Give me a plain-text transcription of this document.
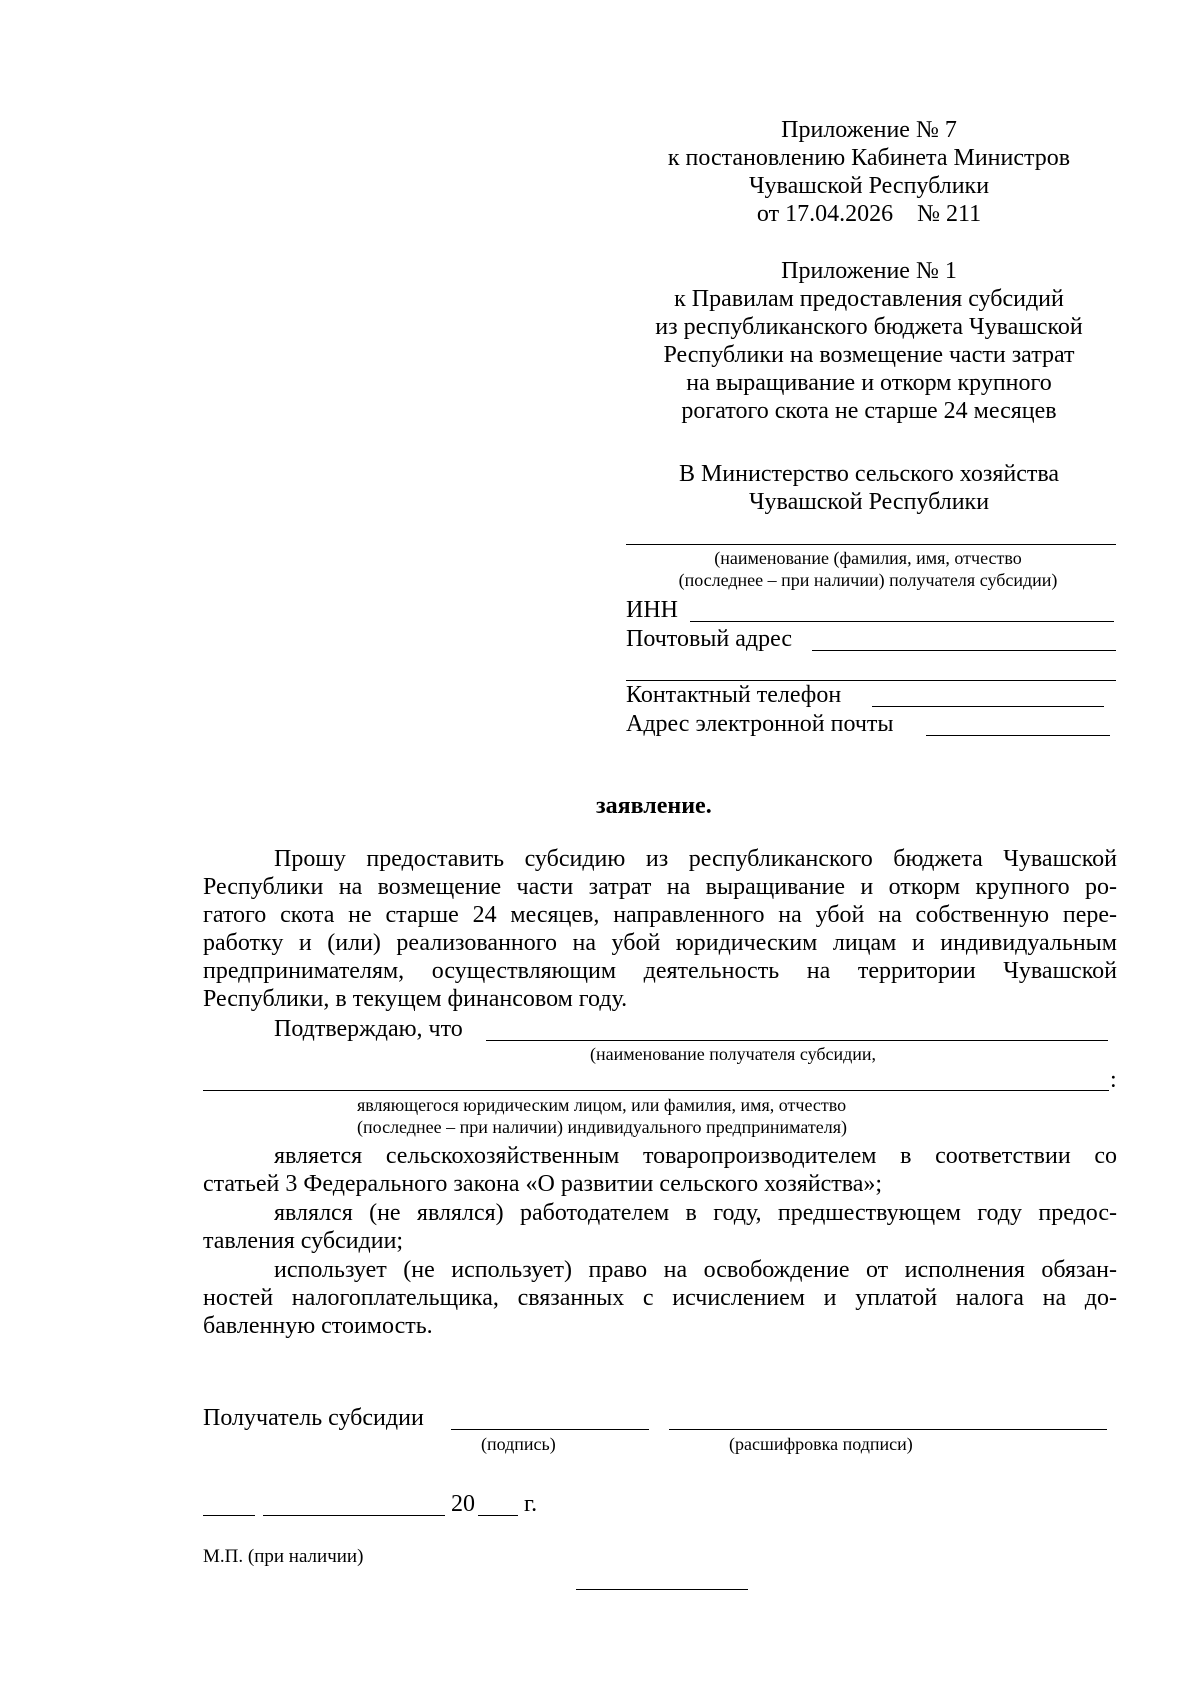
Приложение № 7
к постановлению Кабинета Министров
Чувашской Республики
от 17.04.2026    № 211
Приложение № 1
к Правилам предоставления субсидий
из республиканского бюджета Чувашской
Республики на возмещение части затрат
на выращивание и откорм крупного
рогатого скота не старше 24 месяцев
В Министерство сельского хозяйства
Чувашской Республики
(наименование (фамилия, имя, отчество
(последнее – при наличии) получателя субсидии)
ИНН
Почтовый адрес
Контактный телефон
Адрес электронной почты
заявление.
Прошу предоставить субсидию из республиканского бюджета Чувашской
Республики на возмещение части затрат на выращивание и откорм крупного ро-
гатого скота не старше 24 месяцев, направленного на убой на собственную пере-
работку и (или) реализованного на убой юридическим лицам и индивидуальным
предпринимателям, осуществляющим деятельность на территории Чувашской
Республики, в текущем финансовом году.
Подтверждаю, что
(наименование получателя субсидии,
:
являющегося юридическим лицом, или фамилия, имя, отчество
(последнее – при наличии) индивидуального предпринимателя)
является сельскохозяйственным товаропроизводителем в соответствии со
статьей 3 Федерального закона «О развитии сельского хозяйства»;
являлся (не являлся) работодателем в году, предшествующем году предос-
тавления субсидии;
использует (не использует) право на освобождение от исполнения обязан-
ностей налогоплательщика, связанных с исчислением и уплатой налога на до-
бавленную стоимость.
Получатель субсидии
(подпись)	(расшифровка подписи)
20 г.
М.П. (при наличии)
